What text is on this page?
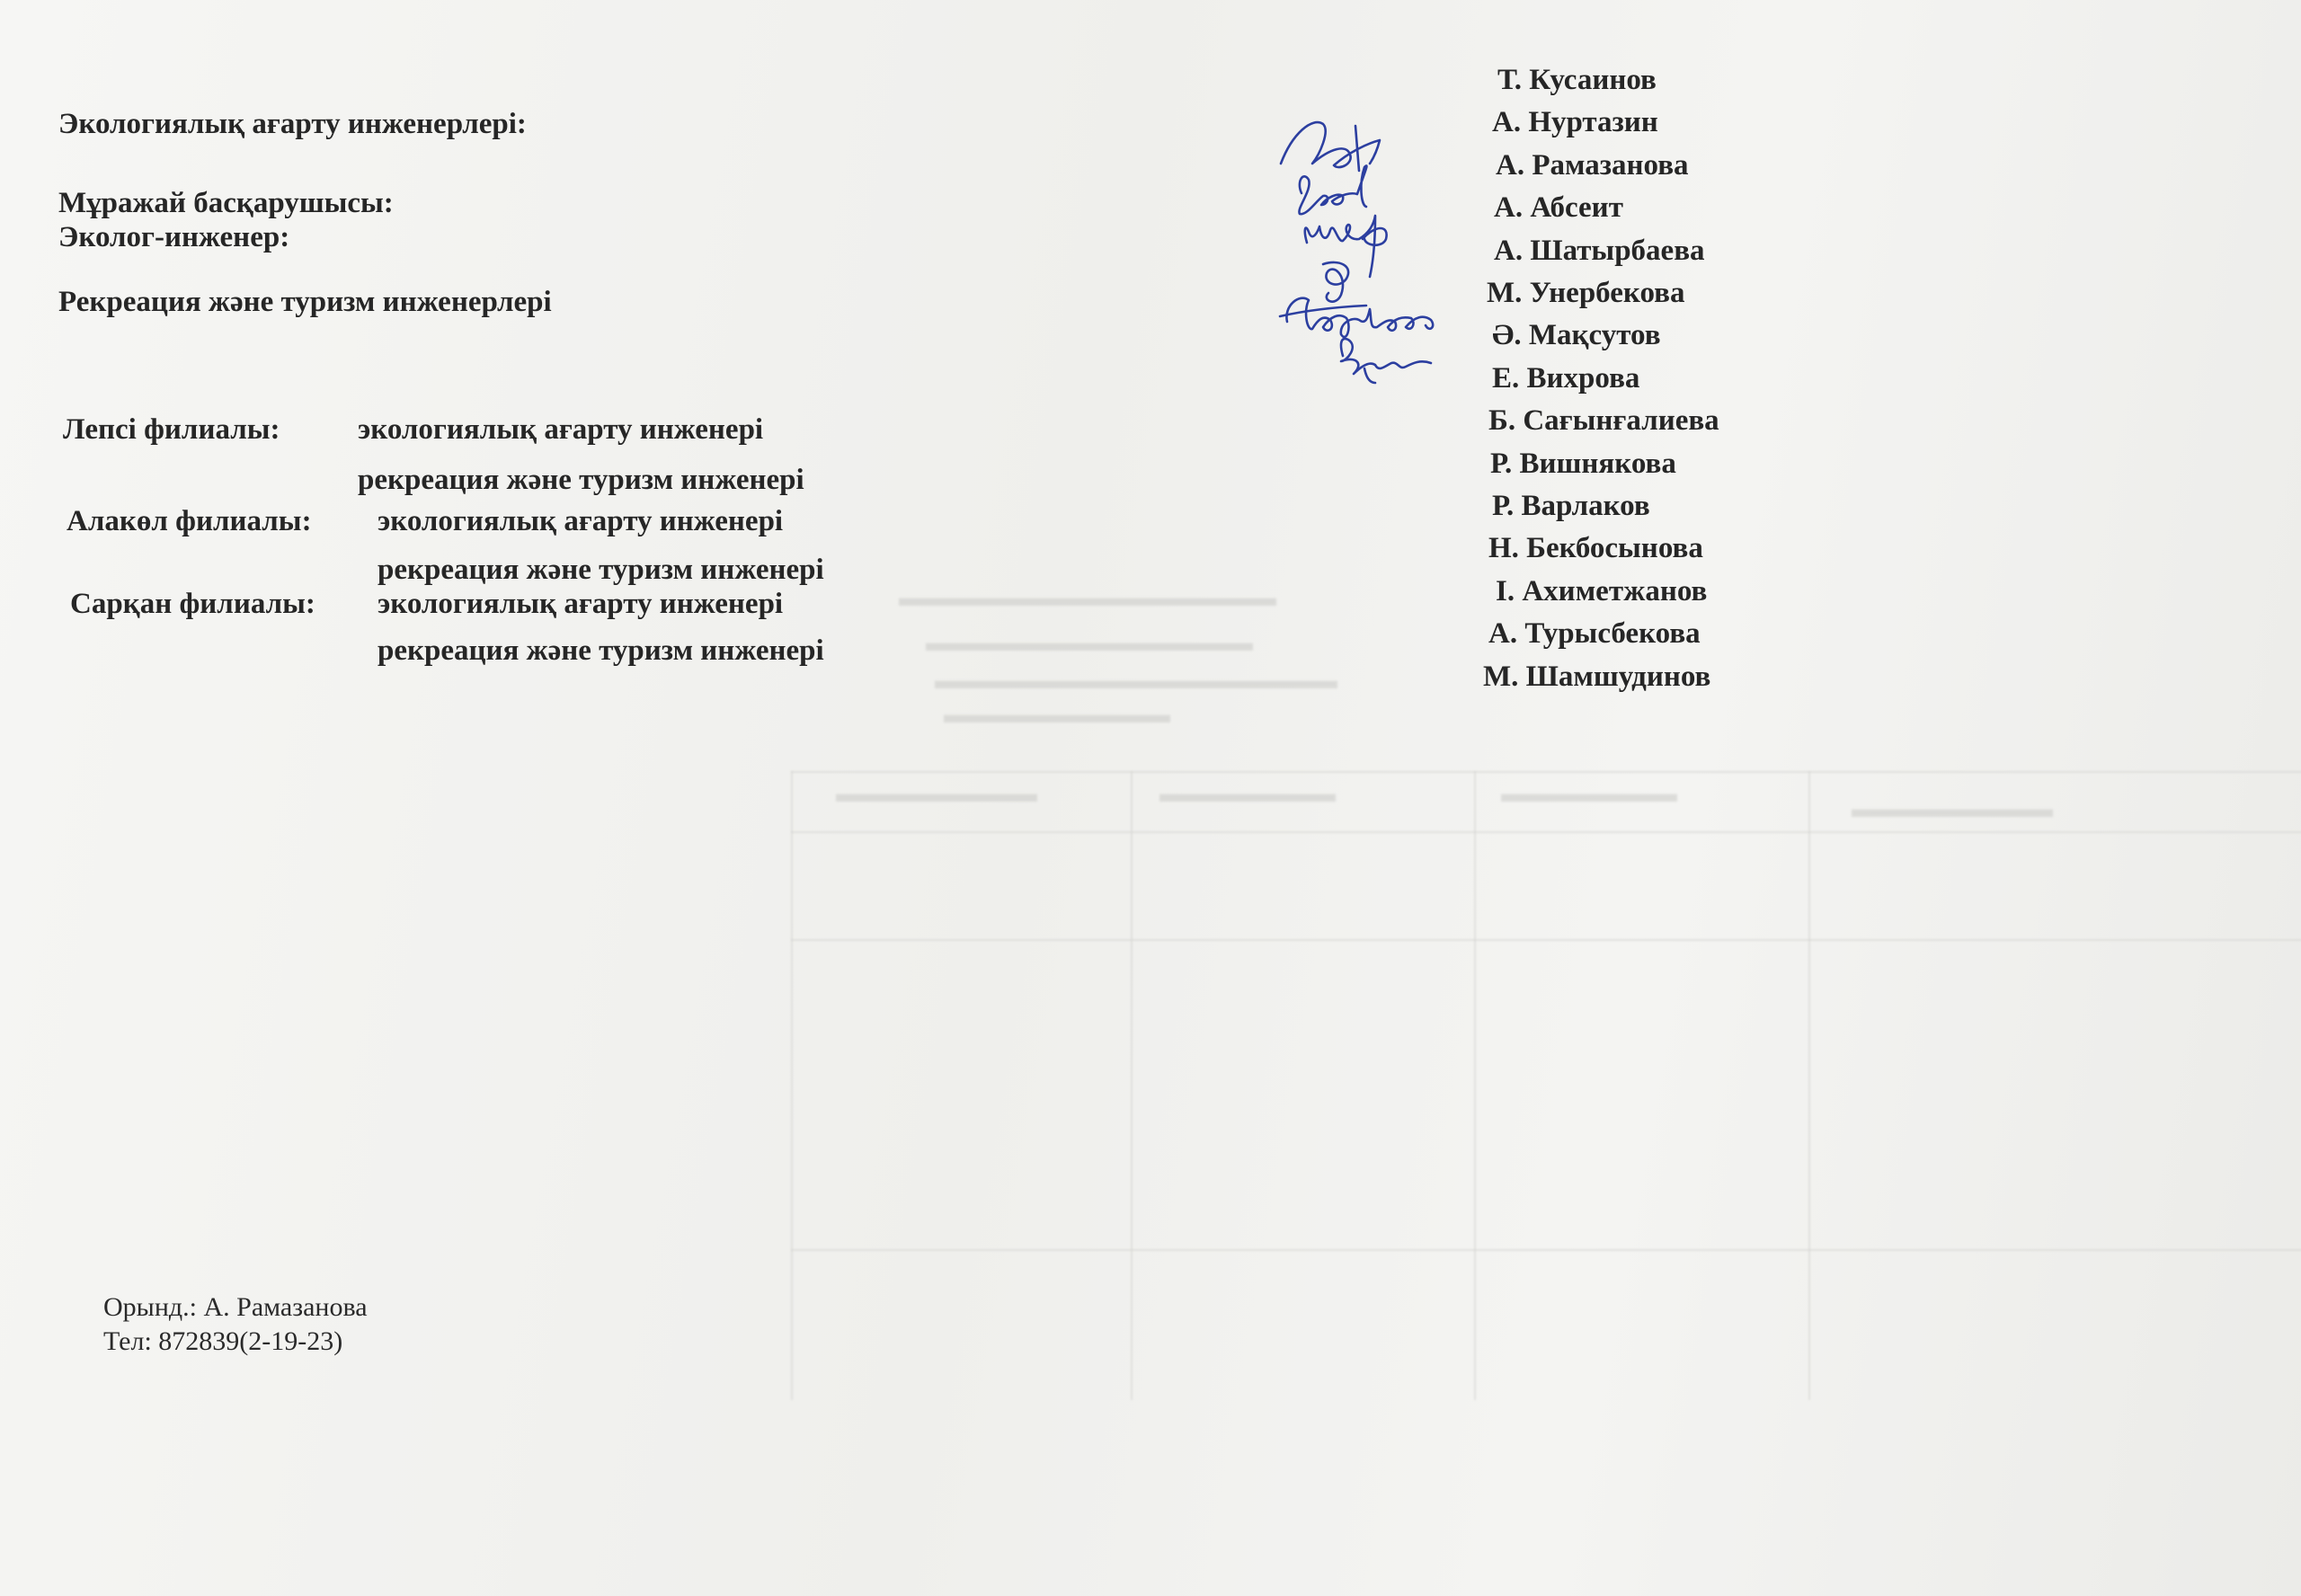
▬▬▬▬▬▬▬▬	▬▬▬▬▬▬▬	▬▬▬▬▬▬▬
▬▬▬▬▬▬▬▬
▬▬▬▬▬▬▬▬▬
▬▬▬▬▬▬▬▬▬▬▬▬▬▬▬
▬▬▬▬▬▬▬▬▬▬▬▬▬
▬▬▬▬▬▬▬▬▬▬▬▬▬▬▬▬
Экологиялық ағарту инженерлері:
Мұражай басқарушысы:
Эколог-инженер:
Рекреация және туризм инженерлері
Лепсі филиалы:	экологиялық ағарту инженері
рекреация және туризм инженері
Алакөл филиалы: экологиялық ағарту инженері
рекреация және туризм инженері
Сарқан филиалы: экологиялық ағарту инженері
рекреация және туризм инженері
Т. Кусаинов
А. Нуртазин
А. Рамазанова
А. Абсеит
А. Шатырбаева
М. Унербекова
Ә. Мақсутов
Е. Вихрова
Б. Сағынғалиева
Р. Вишнякова
Р. Варлаков
Н. Бекбосынова
І. Ахиметжанов
А. Турысбекова
М. Шамшудинов
Орынд.: А. Рамазанова
Тел: 872839(2-19-23)
